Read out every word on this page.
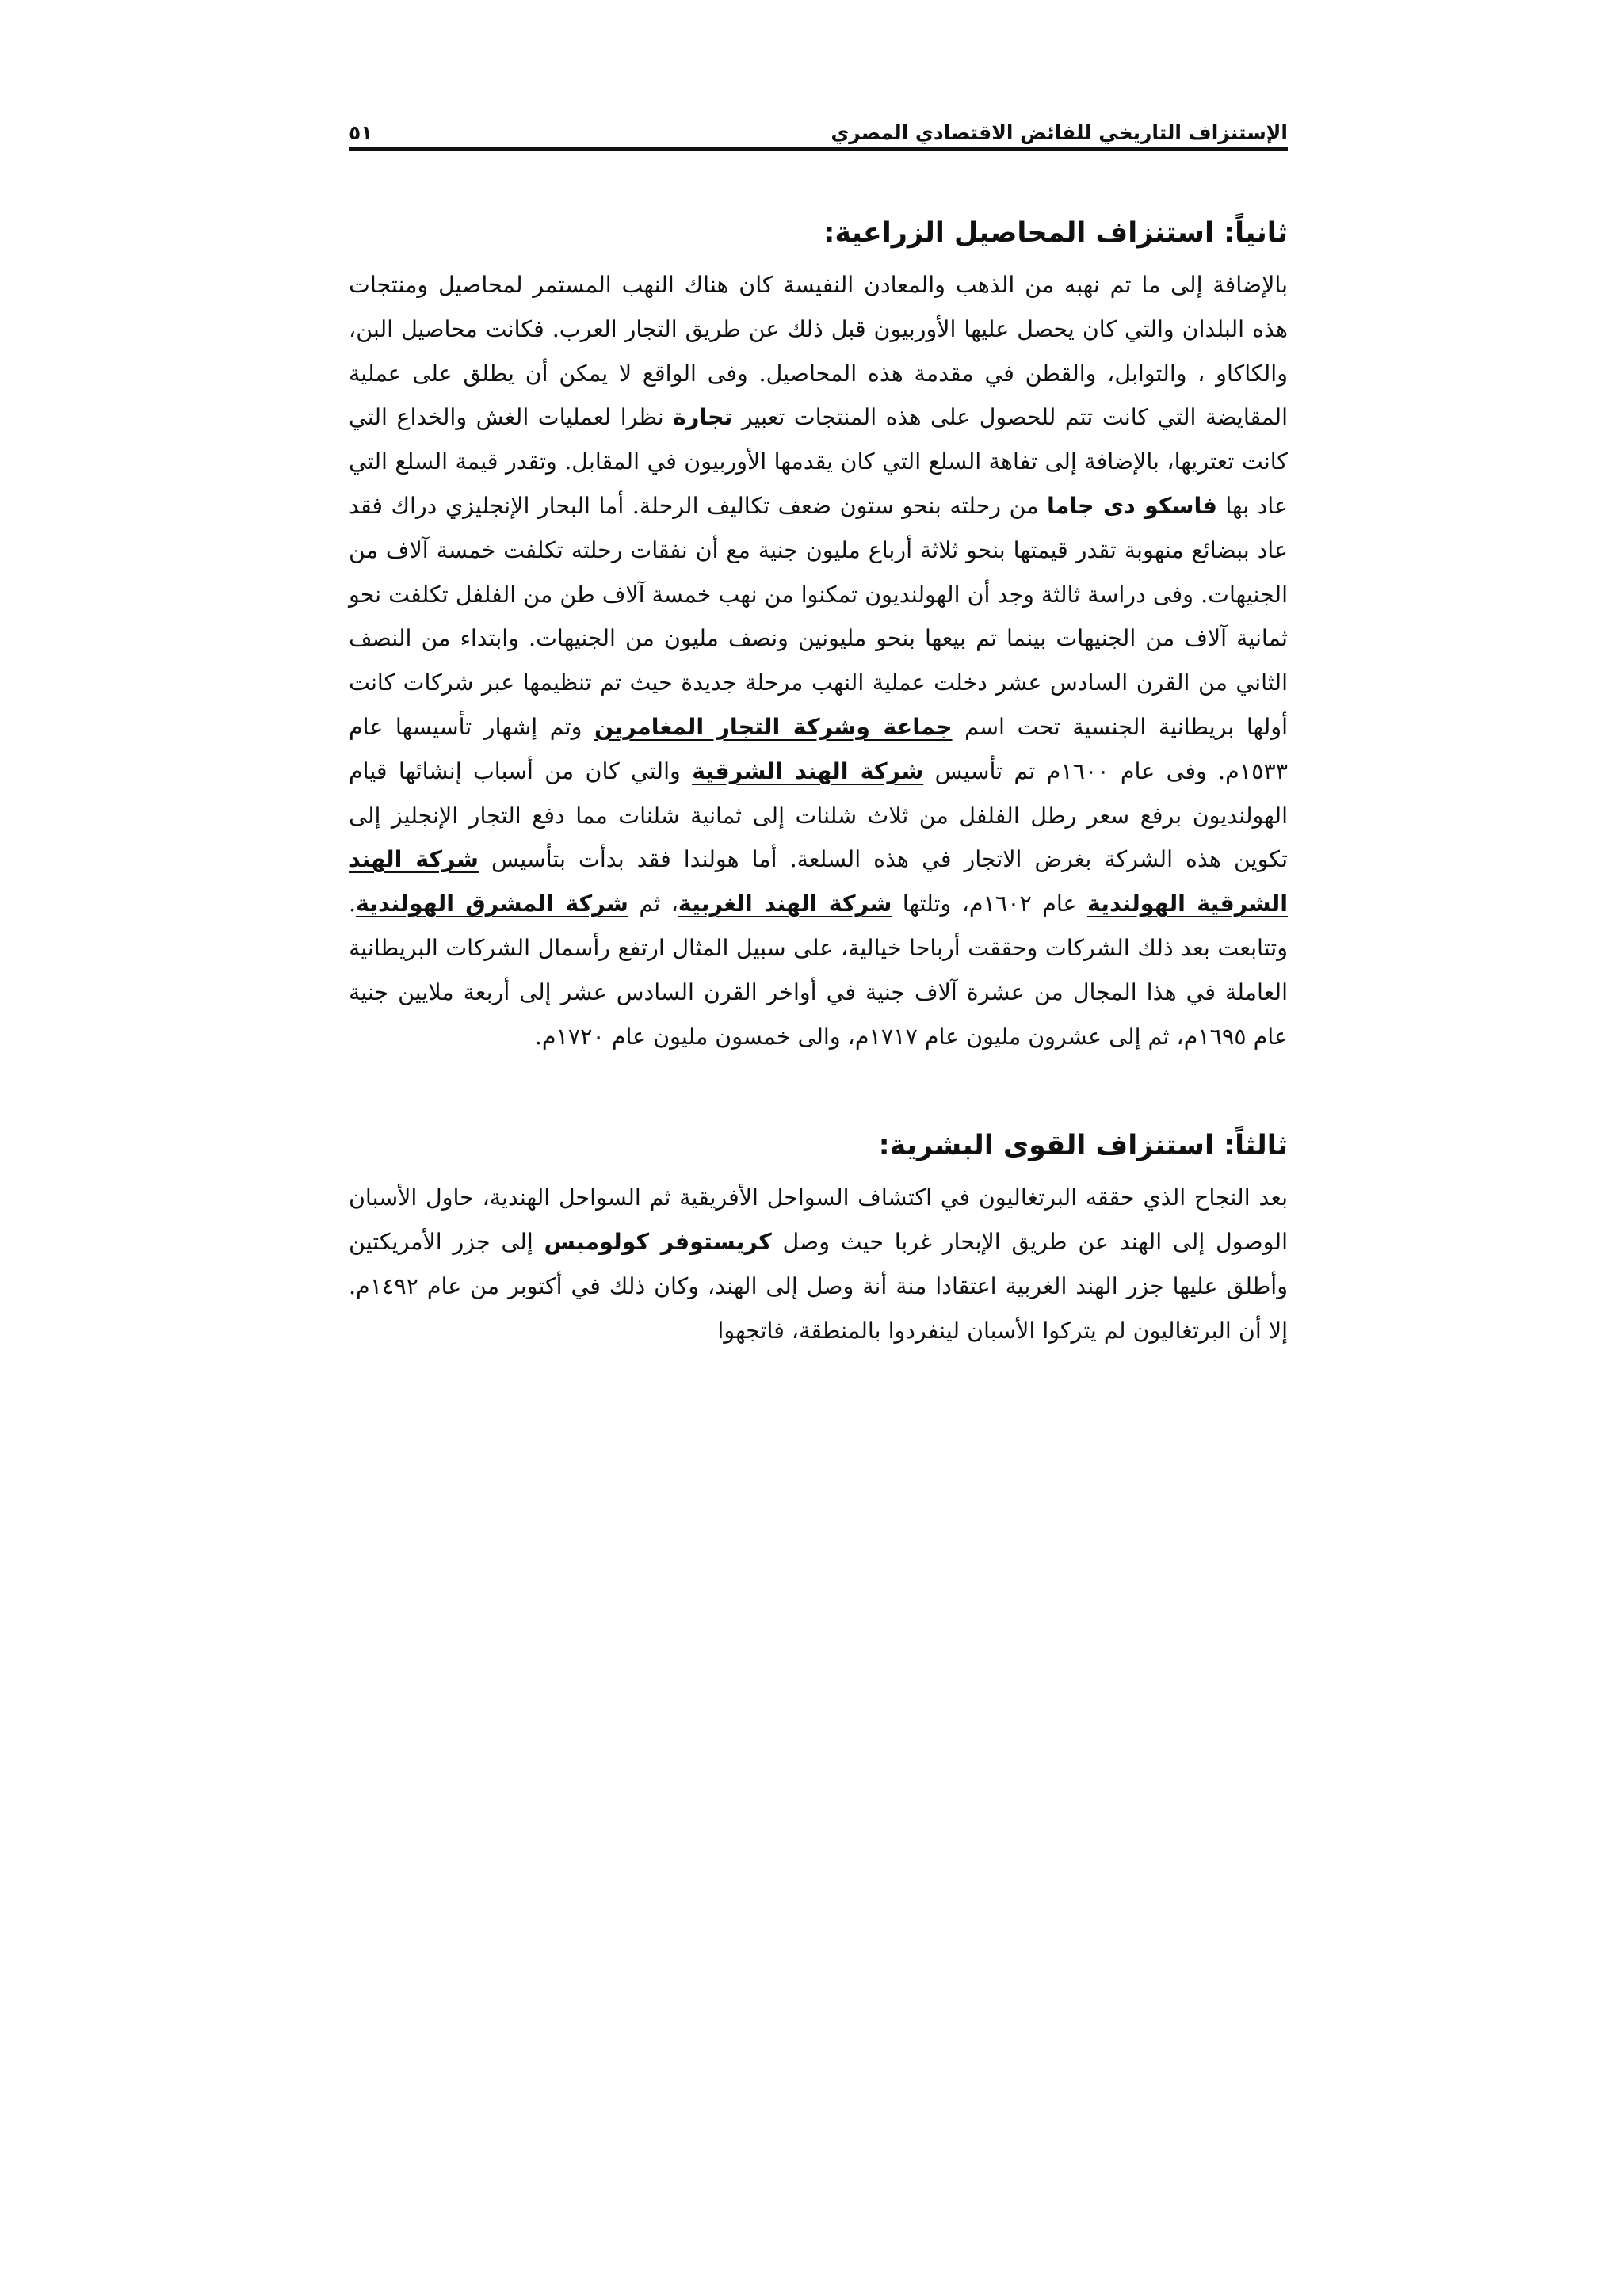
الإستنزاف التاريخي للفائض الاقتصادي المصري
٥١
ثانياً: استنزاف المحاصيل الزراعية:

بالإضافة إلى ما تم نهبه من الذهب والمعادن النفيسة كان هناك النهب المستمر لمحاصيل ومنتجات هذه البلدان والتي كان يحصل عليها الأوربيون قبل ذلك عن طريق التجار العرب. فكانت محاصيل البن، والكاكاو ، والتوابل، والقطن في مقدمة هذه المحاصيل. وفى الواقع لا يمكن أن يطلق على عملية المقايضة التي كانت تتم للحصول على هذه المنتجات تعبير تجارة نظرا لعمليات الغش والخداع التي كانت تعتريها، بالإضافة إلى تفاهة السلع التي كان يقدمها الأوربيون في المقابل. وتقدر قيمة السلع التي عاد بها فاسكو دى جاما من رحلته بنحو ستون ضعف تكاليف الرحلة. أما البحار الإنجليزي دراك فقد عاد ببضائع منهوبة تقدر قيمتها بنحو ثلاثة أرباع مليون جنية مع أن نفقات رحلته تكلفت خمسة آلاف من الجنيهات. وفى دراسة ثالثة وجد أن الهولنديون تمكنوا من نهب خمسة آلاف طن من الفلفل تكلفت نحو ثمانية آلاف من الجنيهات بينما تم بيعها بنحو مليونين ونصف مليون من الجنيهات. وابتداء من النصف الثاني من القرن السادس عشر دخلت عملية النهب مرحلة جديدة حيث تم تنظيمها عبر شركات كانت أولها بريطانية الجنسية تحت اسم جماعة وشركة التجار المغامرين وتم إشهار تأسيسها عام ١٥٣٣م. وفى عام ١٦٠٠م تم تأسيس شركة الهند الشرقية والتي كان من أسباب إنشائها قيام الهولنديون برفع سعر رطل الفلفل من ثلاث شلنات إلى ثمانية شلنات مما دفع التجار الإنجليز إلى تكوين هذه الشركة بغرض الاتجار في هذه السلعة. أما هولندا فقد بدأت بتأسيس شركة الهند الشرقية الهولندية عام ١٦٠٢م، وتلتها شركة الهند الغربية، ثم شركة المشرق الهولندية. وتتابعت بعد ذلك الشركات وحققت أرباحا خيالية، على سبيل المثال ارتفع رأسمال الشركات البريطانية العاملة في هذا المجال من عشرة آلاف جنية في أواخر القرن السادس عشر إلى أربعة ملايين جنية عام ١٦٩٥م، ثم إلى عشرون مليون عام ١٧١٧م، والى خمسون مليون عام ١٧٢٠م.

ثالثاً: استنزاف القوى البشرية:

بعد النجاح الذي حققه البرتغاليون في اكتشاف السواحل الأفريقية ثم السواحل الهندية، حاول الأسبان الوصول إلى الهند عن طريق الإبحار غربا حيث وصل كريستوفر كولومبس إلى جزر الأمريكتين وأطلق عليها جزر الهند الغربية اعتقادا منة أنة وصل إلى الهند، وكان ذلك في أكتوبر من عام ١٤٩٢م. إلا أن البرتغاليون لم يتركوا الأسبان لينفردوا بالمنطقة، فاتجهوا
